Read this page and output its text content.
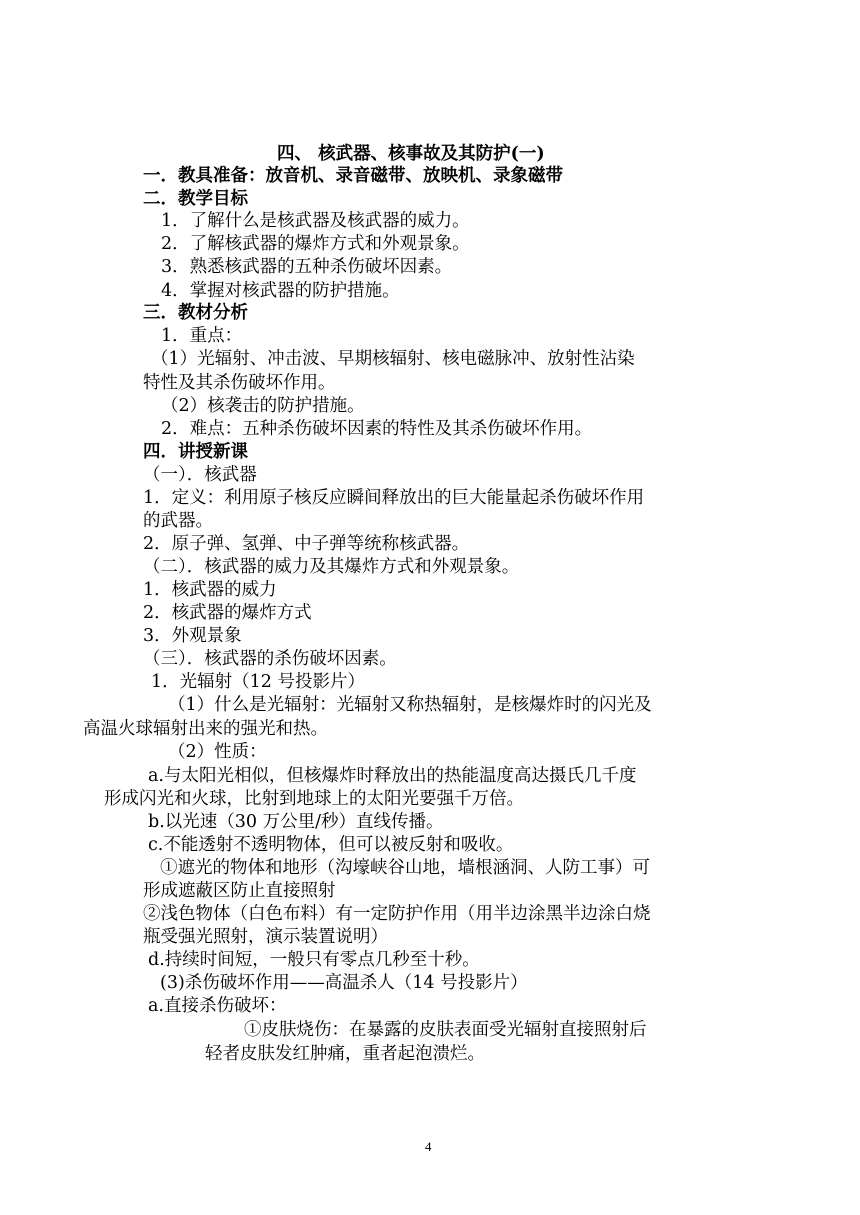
四、 核武器、核事故及其防护(一)
一．教具准备：放音机、录音磁带、放映机、录象磁带
二．教学目标
1．了解什么是核武器及核武器的威力。
2．了解核武器的爆炸方式和外观景象。
3．熟悉核武器的五种杀伤破坏因素。
4．掌握对核武器的防护措施。
三．教材分析
1．重点：
（1）光辐射、冲击波、早期核辐射、核电磁脉冲、放射性沾染
特性及其杀伤破坏作用。
（2）核袭击的防护措施。
2．难点：五种杀伤破坏因素的特性及其杀伤破坏作用。
四．讲授新课
（一）．核武器
1．定义：利用原子核反应瞬间释放出的巨大能量起杀伤破坏作用
的武器。
2．原子弹、氢弹、中子弹等统称核武器。
（二）．核武器的威力及其爆炸方式和外观景象。
1．核武器的威力
2．核武器的爆炸方式
3．外观景象
（三）．核武器的杀伤破坏因素。
1．光辐射（12 号投影片）
（1）什么是光辐射：光辐射又称热辐射，是核爆炸时的闪光及
高温火球辐射出来的强光和热。
（2）性质：
a.与太阳光相似，但核爆炸时释放出的热能温度高达摄氏几千度
形成闪光和火球，比射到地球上的太阳光要强千万倍。
b.以光速（30 万公里/秒）直线传播。
c.不能透射不透明物体，但可以被反射和吸收。
①遮光的物体和地形（沟壕峡谷山地，墙根涵洞、人防工事）可
形成遮蔽区防止直接照射
②浅色物体（白色布料）有一定防护作用（用半边涂黑半边涂白烧
瓶受强光照射，演示装置说明）
d.持续时间短，一般只有零点几秒至十秒。
(3)杀伤破坏作用——高温杀人（14 号投影片）
a.直接杀伤破坏：
①皮肤烧伤：在暴露的皮肤表面受光辐射直接照射后
轻者皮肤发红肿痛，重者起泡溃烂。
4
